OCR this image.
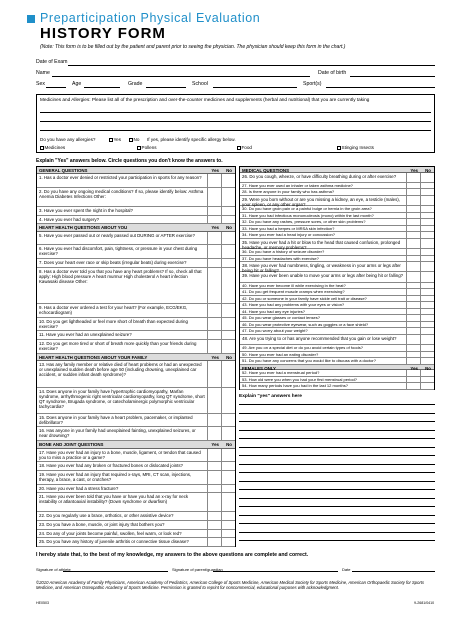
Preparticipation Physical Evaluation
HISTORY FORM
(Note: This form is to be filled out by the patient and parent prior to seeing the physician. The physician should keep this form in the chart.)
Date of Exam
Name	Date of birth
Sex	Age	Grade	School	Sport(s)
Medicines and Allergies: Please list all of the prescription and over-the-counter medicines and supplements (herbal and nutritional) that you are currently taking
Do you have any allergies?	Yes	No If yes, please identify specific allergy below.
Medicines	Pollens	Food	Stinging Insects
Explain "Yes" answers below. Circle questions you don't know the answers to.
GENERAL QUESTIONS	Yes No
1. Has a doctor ever denied or restricted your participation in sports for any reason?
2. Do you have any ongoing medical conditions? If so, please identify below: Asthma Anemia Diabetes Infections Other:
3. Have you ever spent the night in the hospital?
4. Have you ever had surgery?
HEART HEALTH QUESTIONS ABOUT YOU	Yes No
5. Have you ever passed out or nearly passed out DURING or AFTER exercise?
6. Have you ever had discomfort, pain, tightness, or pressure in your chest during exercise?
7. Does your heart ever race or skip beats (irregular beats) during exercise?
8. Has a doctor ever told you that you have any heart problems? If so, check all that apply: High blood pressure A heart murmur High cholesterol A heart infection Kawasaki disease Other:
9. Has a doctor ever ordered a test for your heart? (For example, ECG/EKG, echocardiogram)
10. Do you get lightheaded or feel more short of breath than expected during exercise?
11. Have you ever had an unexplained seizure?
12. Do you get more tired or short of breath more quickly than your friends during exercise?
HEART HEALTH QUESTIONS ABOUT YOUR FAMILY	Yes No
13. Has any family member or relative died of heart problems or had an unexpected or unexplained sudden death before age 50 (including drowning, unexplained car accident, or sudden infant death syndrome)?
14. Does anyone in your family have hypertrophic cardiomyopathy, Marfan syndrome, arrhythmogenic right ventricular cardiomyopathy, long QT syndrome, short QT syndrome, Brugada syndrome, or catecholaminergic polymorphic ventricular tachycardia?
15. Does anyone in your family have a heart problem, pacemaker, or implanted defibrillator?
16. Has anyone in your family had unexplained fainting, unexplained seizures, or near drowning?
BONE AND JOINT QUESTIONS	Yes No
17. Have you ever had an injury to a bone, muscle, ligament, or tendon that caused you to miss a practice or a game?
18. Have you ever had any broken or fractured bones or dislocated joints?
19. Have you ever had an injury that required x-rays, MRI, CT scan, injections, therapy, a brace, a cast, or crutches?
20. Have you ever had a stress fracture?
21. Have you ever been told that you have or have you had an x-ray for neck instability or atlantoaxial instability? (Down syndrome or dwarfism)
22. Do you regularly use a brace, orthotics, or other assistive device?
23. Do you have a bone, muscle, or joint injury that bothers you?
24. Do any of your joints become painful, swollen, feel warm, or look red?
25. Do you have any history of juvenile arthritis or connective tissue disease?
MEDICAL QUESTIONS	Yes No
26. Do you cough, wheeze, or have difficulty breathing during or after exercise?
27. Have you ever used an inhaler or taken asthma medicine?
28. Is there anyone in your family who has asthma?
29. Were you born without or are you missing a kidney, an eye, a testicle (males), your spleen, or any other organ?
30. Do you have groin pain or a painful bulge or hernia in the groin area?
31. Have you had infectious mononucleosis (mono) within the last month?
32. Do you have any rashes, pressure sores, or other skin problems?
33. Have you had a herpes or MRSA skin infection?
34. Have you ever had a head injury or concussion?
35. Have you ever had a hit or blow to the head that caused confusion, prolonged headache, or memory problems?
36. Do you have a history of seizure disorder?
37. Do you have headaches with exercise?
38. Have you ever had numbness, tingling, or weakness in your arms or legs after being hit or falling?
39. Have you ever been unable to move your arms or legs after being hit or falling?
40. Have you ever become ill while exercising in the heat?
41. Do you get frequent muscle cramps when exercising?
42. Do you or someone in your family have sickle cell trait or disease?
43. Have you had any problems with your eyes or vision?
44. Have you had any eye injuries?
45. Do you wear glasses or contact lenses?
46. Do you wear protective eyewear, such as goggles or a face shield?
47. Do you worry about your weight?
48. Are you trying to or has anyone recommended that you gain or lose weight?
49. Are you on a special diet or do you avoid certain types of foods?
50. Have you ever had an eating disorder?
51. Do you have any concerns that you would like to discuss with a doctor?
FEMALES ONLY	Yes No
52. Have you ever had a menstrual period?
53. How old were you when you had your first menstrual period?
54. How many periods have you had in the last 12 months?
Explain "yes" answers here
I hereby state that, to the best of my knowledge, my answers to the above questions are complete and correct.
Signature of athlete	Signature of parent/guardian	Date
©2010 American Academy of Family Physicians, American Academy of Pediatrics, American College of Sports Medicine, American Medical Society for Sports Medicine, American Orthopaedic Society for Sports Medicine, and American Osteopathic Academy of Sports Medicine. Permission is granted to reprint for noncommercial, educational purposes with acknowledgment.
HE0503	9-2681/0410
